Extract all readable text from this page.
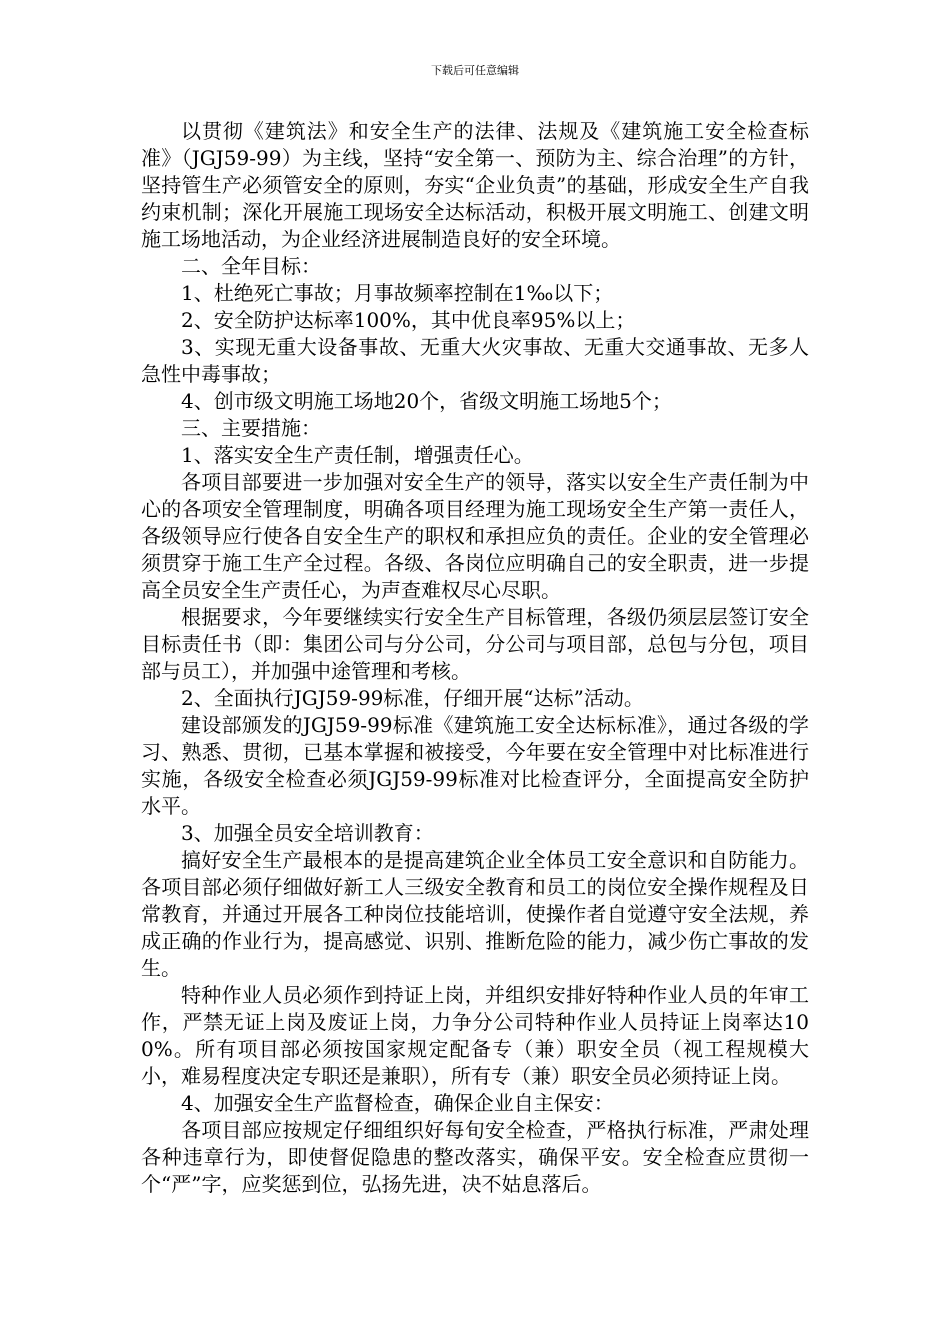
下载后可任意编辑

以贯彻《建筑法》和安全生产的法律、法规及《建筑施工安全检查标准》（JGJ59-99）为主线，坚持“安全第一、预防为主、综合治理”的方针，坚持管生产必须管安全的原则，夯实“企业负责”的基础，形成安全生产自我约束机制；深化开展施工现场安全达标活动，积极开展文明施工、创建文明施工场地活动，为企业经济进展制造良好的安全环境。

二、全年目标：

1、杜绝死亡事故；月事故频率控制在1‰以下；

2、安全防护达标率100%，其中优良率95%以上；

3、实现无重大设备事故、无重大火灾事故、无重大交通事故、无多人急性中毒事故；

4、创市级文明施工场地20个，省级文明施工场地5个；

三、主要措施：

1、落实安全生产责任制，增强责任心。

各项目部要进一步加强对安全生产的领导，落实以安全生产责任制为中心的各项安全管理制度，明确各项目经理为施工现场安全生产第一责任人，各级领导应行使各自安全生产的职权和承担应负的责任。企业的安全管理必须贯穿于施工生产全过程。各级、各岗位应明确自己的安全职责，进一步提高全员安全生产责任心，为声查难权尽心尽职。

根据要求，今年要继续实行安全生产目标管理，各级仍须层层签订安全目标责任书（即：集团公司与分公司，分公司与项目部，总包与分包，项目部与员工），并加强中途管理和考核。

2、全面执行JGJ59-99标准，仔细开展“达标”活动。

建设部颁发的JGJ59-99标准《建筑施工安全达标标准》，通过各级的学习、熟悉、贯彻，已基本掌握和被接受，今年要在安全管理中对比标准进行实施，各级安全检查必须JGJ59-99标准对比检查评分，全面提高安全防护水平。

3、加强全员安全培训教育：

搞好安全生产最根本的是提高建筑企业全体员工安全意识和自防能力。各项目部必须仔细做好新工人三级安全教育和员工的岗位安全操作规程及日常教育，并通过开展各工种岗位技能培训，使操作者自觉遵守安全法规，养成正确的作业行为，提高感觉、识别、推断危险的能力，减少伤亡事故的发生。

特种作业人员必须作到持证上岗，并组织安排好特种作业人员的年审工作，严禁无证上岗及废证上岗，力争分公司特种作业人员持证上岗率达100%。所有项目部必须按国家规定配备专（兼）职安全员（视工程规模大小，难易程度决定专职还是兼职），所有专（兼）职安全员必须持证上岗。

4、加强安全生产监督检查，确保企业自主保安：

各项目部应按规定仔细组织好每旬安全检查，严格执行标准，严肃处理各种违章行为，即使督促隐患的整改落实，确保平安。安全检查应贯彻一个“严”字，应奖惩到位，弘扬先进，决不姑息落后。
